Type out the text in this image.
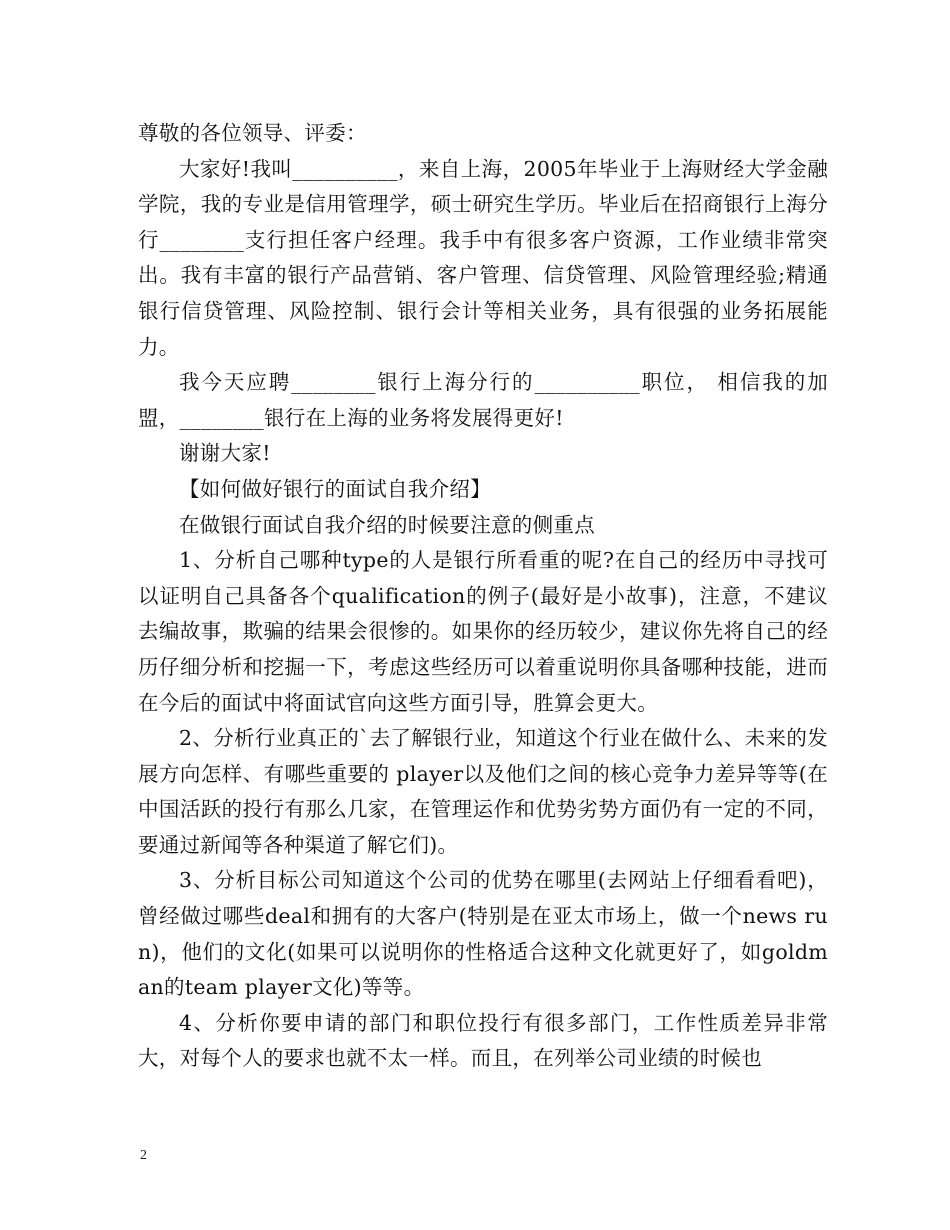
尊敬的各位领导、评委：

大家好!我叫__________，来自上海，2005年毕业于上海财经大学金融学院，我的专业是信用管理学，硕士研究生学历。毕业后在招商银行上海分行________支行担任客户经理。我手中有很多客户资源，工作业绩非常突出。我有丰富的银行产品营销、客户管理、信贷管理、风险管理经验;精通银行信贷管理、风险控制、银行会计等相关业务，具有很强的业务拓展能力。

我今天应聘________银行上海分行的__________职位， 相信我的加盟，________银行在上海的业务将发展得更好!

谢谢大家!

【如何做好银行的面试自我介绍】

在做银行面试自我介绍的时候要注意的侧重点

1、分析自己哪种type的人是银行所看重的呢?在自己的经历中寻找可以证明自己具备各个qualification的例子(最好是小故事)，注意，不建议去编故事，欺骗的结果会很惨的。如果你的经历较少，建议你先将自己的经历仔细分析和挖掘一下，考虑这些经历可以着重说明你具备哪种技能，进而在今后的面试中将面试官向这些方面引导，胜算会更大。

2、分析行业真正的`去了解银行业，知道这个行业在做什么、未来的发展方向怎样、有哪些重要的 player以及他们之间的核心竞争力差异等等(在中国活跃的投行有那么几家，在管理运作和优势劣势方面仍有一定的不同，要通过新闻等各种渠道了解它们)。

3、分析目标公司知道这个公司的优势在哪里(去网站上仔细看看吧)，曾经做过哪些deal和拥有的大客户(特别是在亚太市场上，做一个news run)，他们的文化(如果可以说明你的性格适合这种文化就更好了，如goldman的team player文化)等等。

4、分析你要申请的部门和职位投行有很多部门，工作性质差异非常大，对每个人的要求也就不太一样。而且，在列举公司业绩的时候也

2
